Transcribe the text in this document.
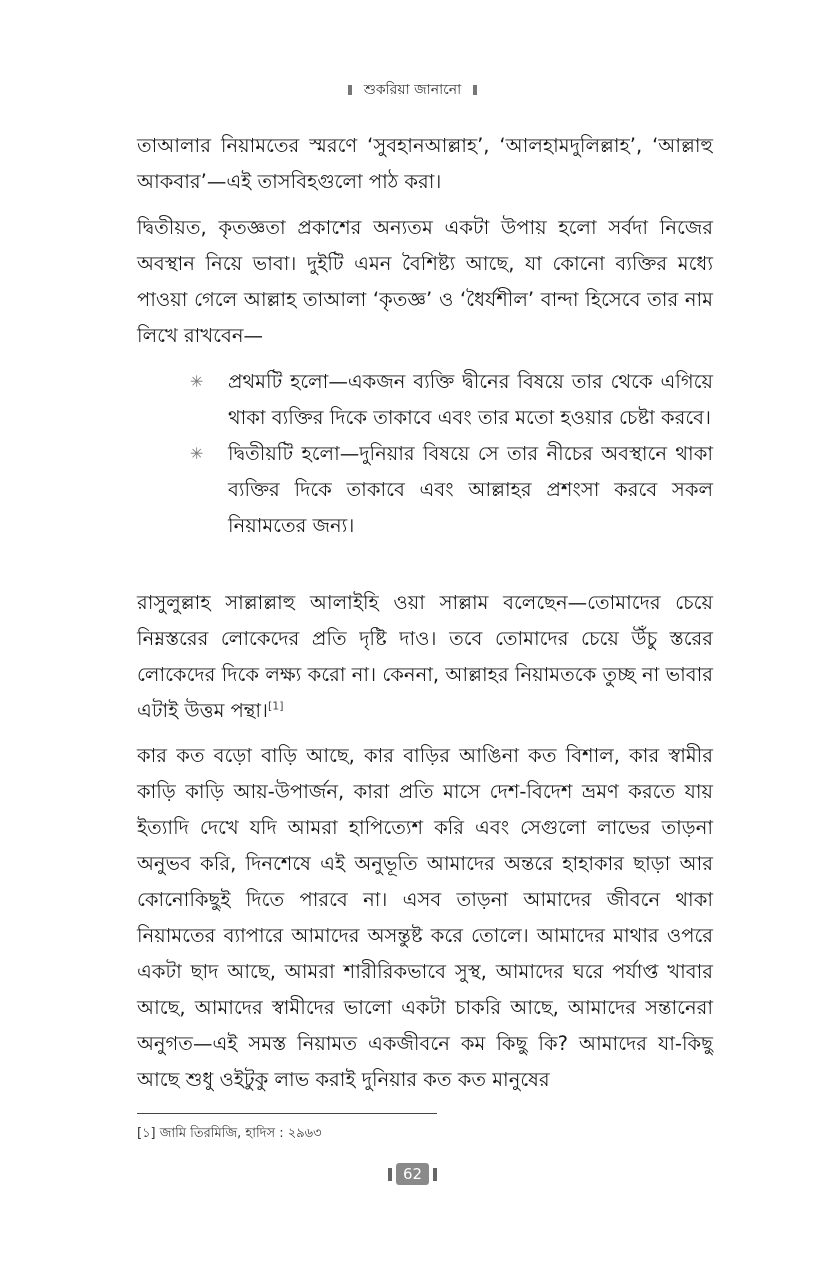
শুকরিয়া জানানো

তাআলার নিয়ামতের স্মরণে ‘সুবহানআল্লাহ’, ‘আলহামদুলিল্লাহ’, ‘আল্লাহু আকবার’—এই তাসবিহগুলো পাঠ করা।

দ্বিতীয়ত, কৃতজ্ঞতা প্রকাশের অন্যতম একটা উপায় হলো সর্বদা নিজের অবস্থান নিয়ে ভাবা। দুইটি এমন বৈশিষ্ট্য আছে, যা কোনো ব্যক্তির মধ্যে পাওয়া গেলে আল্লাহ তাআলা ‘কৃতজ্ঞ’ ও ‘ধৈর্যশীল’ বান্দা হিসেবে তার নাম লিখে রাখবেন—

✳ প্রথমটি হলো—একজন ব্যক্তি দ্বীনের বিষয়ে তার থেকে এগিয়ে থাকা ব্যক্তির দিকে তাকাবে এবং তার মতো হওয়ার চেষ্টা করবে।
✳ দ্বিতীয়টি হলো—দুনিয়ার বিষয়ে সে তার নীচের অবস্থানে থাকা ব্যক্তির দিকে তাকাবে এবং আল্লাহর প্রশংসা করবে সকল নিয়ামতের জন্য।

রাসুলুল্লাহ সাল্লাল্লাহু আলাইহি ওয়া সাল্লাম বলেছেন—তোমাদের চেয়ে নিম্নস্তরের লোকেদের প্রতি দৃষ্টি দাও। তবে তোমাদের চেয়ে উঁচু স্তরের লোকেদের দিকে লক্ষ্য করো না। কেননা, আল্লাহর নিয়ামতকে তুচ্ছ না ভাবার এটাই উত্তম পন্থা।[1]

কার কত বড়ো বাড়ি আছে, কার বাড়ির আঙিনা কত বিশাল, কার স্বামীর কাড়ি কাড়ি আয়-উপার্জন, কারা প্রতি মাসে দেশ-বিদেশ ভ্রমণ করতে যায় ইত্যাদি দেখে যদি আমরা হাপিত্যেশ করি এবং সেগুলো লাভের তাড়না অনুভব করি, দিনশেষে এই অনুভূতি আমাদের অন্তরে হাহাকার ছাড়া আর কোনোকিছুই দিতে পারবে না। এসব তাড়না আমাদের জীবনে থাকা নিয়ামতের ব্যাপারে আমাদের অসন্তুষ্ট করে তোলে। আমাদের মাথার ওপরে একটা ছাদ আছে, আমরা শারীরিকভাবে সুস্থ, আমাদের ঘরে পর্যাপ্ত খাবার আছে, আমাদের স্বামীদের ভালো একটা চাকরি আছে, আমাদের সন্তানেরা অনুগত—এই সমস্ত নিয়ামত একজীবনে কম কিছু কি? আমাদের যা-কিছু আছে শুধু ওইটুকু লাভ করাই দুনিয়ার কত কত মানুষের

[১] জামি তিরমিজি, হাদিস : ২৯৬৩
62
